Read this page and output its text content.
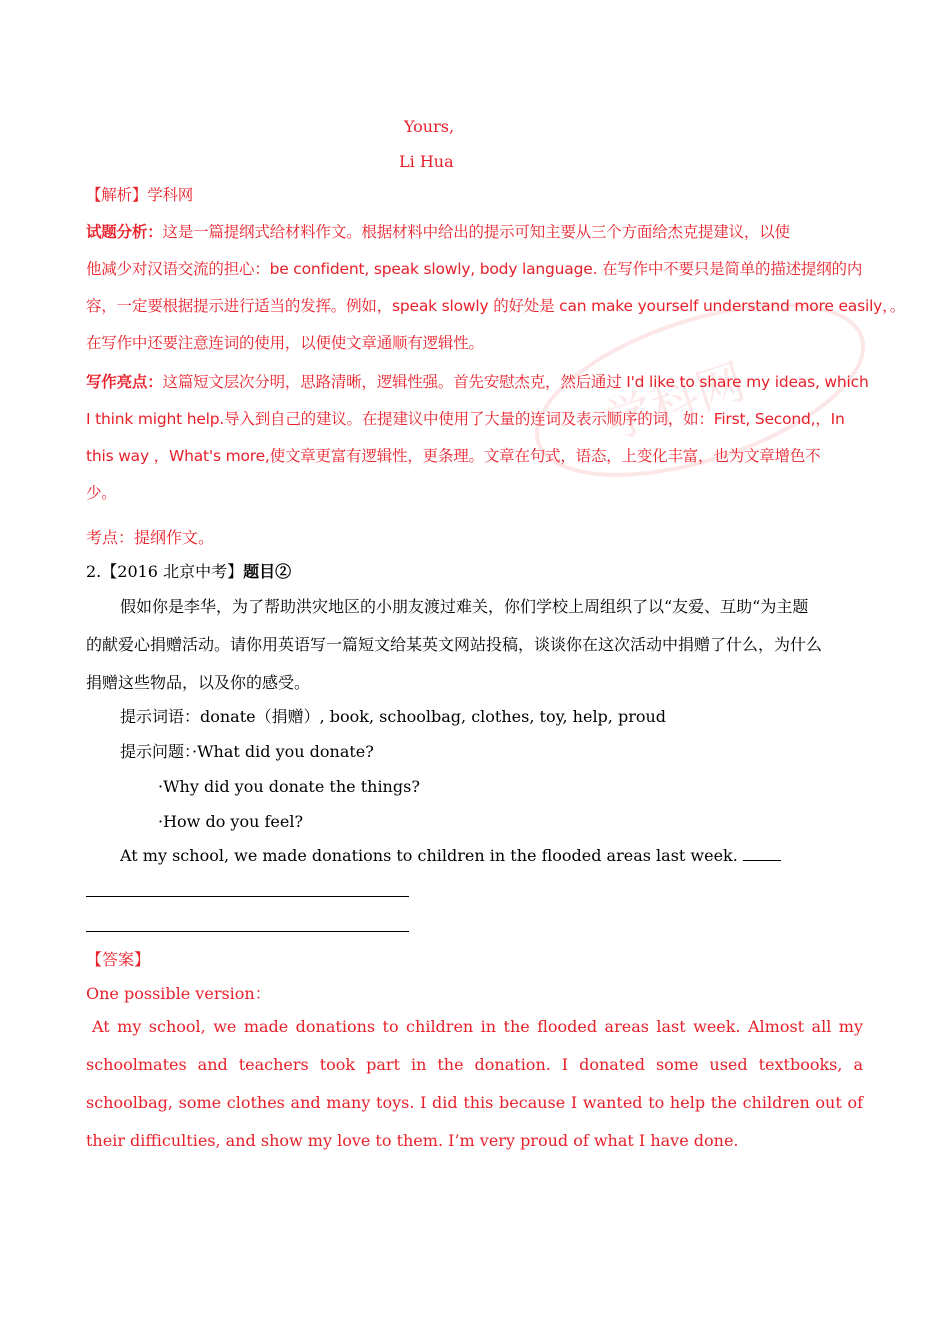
学科网
Yours,
Li Hua
【解析】学科网
试题分析：这是一篇提纲式给材料作文。根据材料中给出的提示可知主要从三个方面给杰克提建议，以使
他减少对汉语交流的担心：be confident, speak slowly, body language. 在写作中不要只是简单的描述提纲的内
容，一定要根据提示进行适当的发挥。例如，speak slowly 的好处是 can make yourself understand more easily，。
在写作中还要注意连词的使用，以便使文章通顺有逻辑性。
写作亮点：这篇短文层次分明，思路清晰，逻辑性强。首先安慰杰克，然后通过 I'd like to share my ideas, which
I think might help.导入到自己的建议。在提建议中使用了大量的连词及表示顺序的词，如：First, Second,，In
this way ，What's more,使文章更富有逻辑性，更条理。文章在句式，语态，上变化丰富，也为文章增色不
少。
考点：提纲作文。
2.【2016 北京中考】题目②
假如你是李华，为了帮助洪灾地区的小朋友渡过难关，你们学校上周组织了以“友爱、互助“为主题
的献爱心捐赠活动。请你用英语写一篇短文给某英文网站投稿，谈谈你在这次活动中捐赠了什么，为什么
捐赠这些物品，以及你的感受。
提示词语：donate（捐赠）, book, schoolbag, clothes, toy, help, proud
提示问题：·What did you donate?
·Why did you donate the things?
·How do you feel?
At my school, we made donations to children in the flooded areas last week.
【答案】
One possible version：
At my school, we made donations to children in the flooded areas last week. Almost all my schoolmates and teachers took part in the donation. I donated some used textbooks, a schoolbag, some clothes and many toys. I did this because I wanted to help the children out of their difficulties, and show my love to them. I’m very proud of what I have done.
